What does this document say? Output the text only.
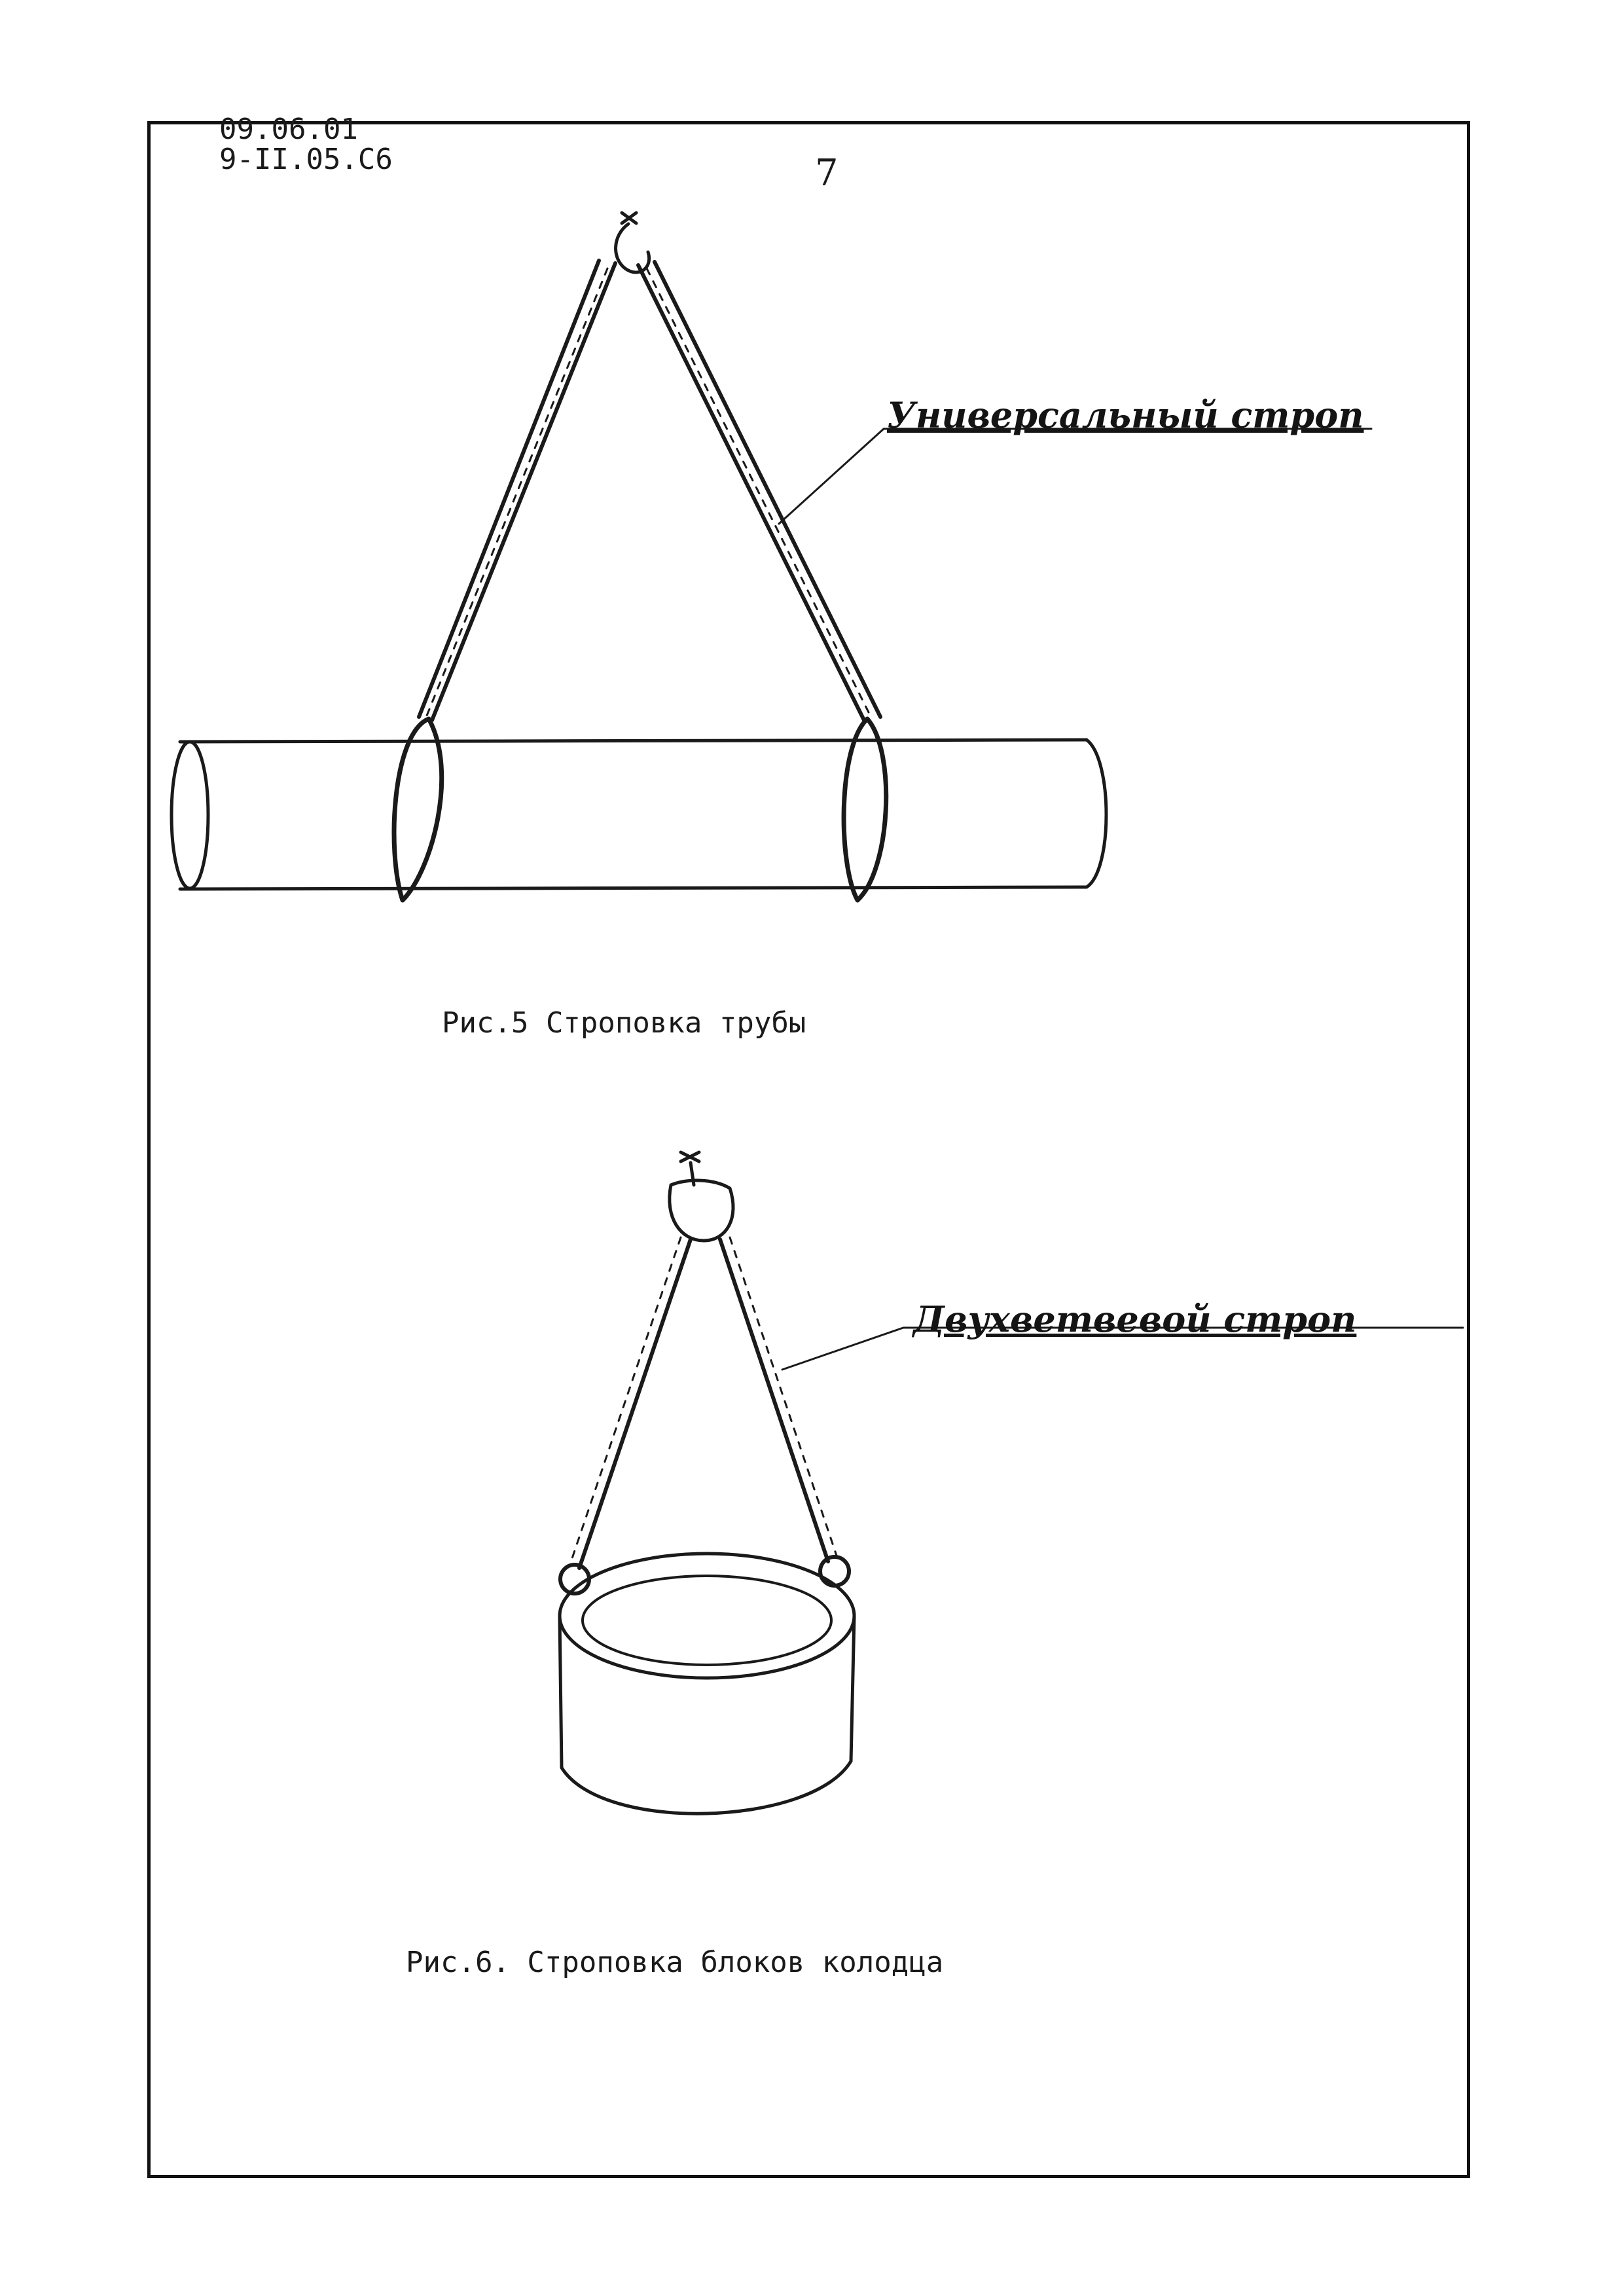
09.06.01
9-II.05.C6	7
Универсальный строп
Рис.5 Строповка трубы
Двухветвевой строп
Рис.6. Строповка блоков колодца
